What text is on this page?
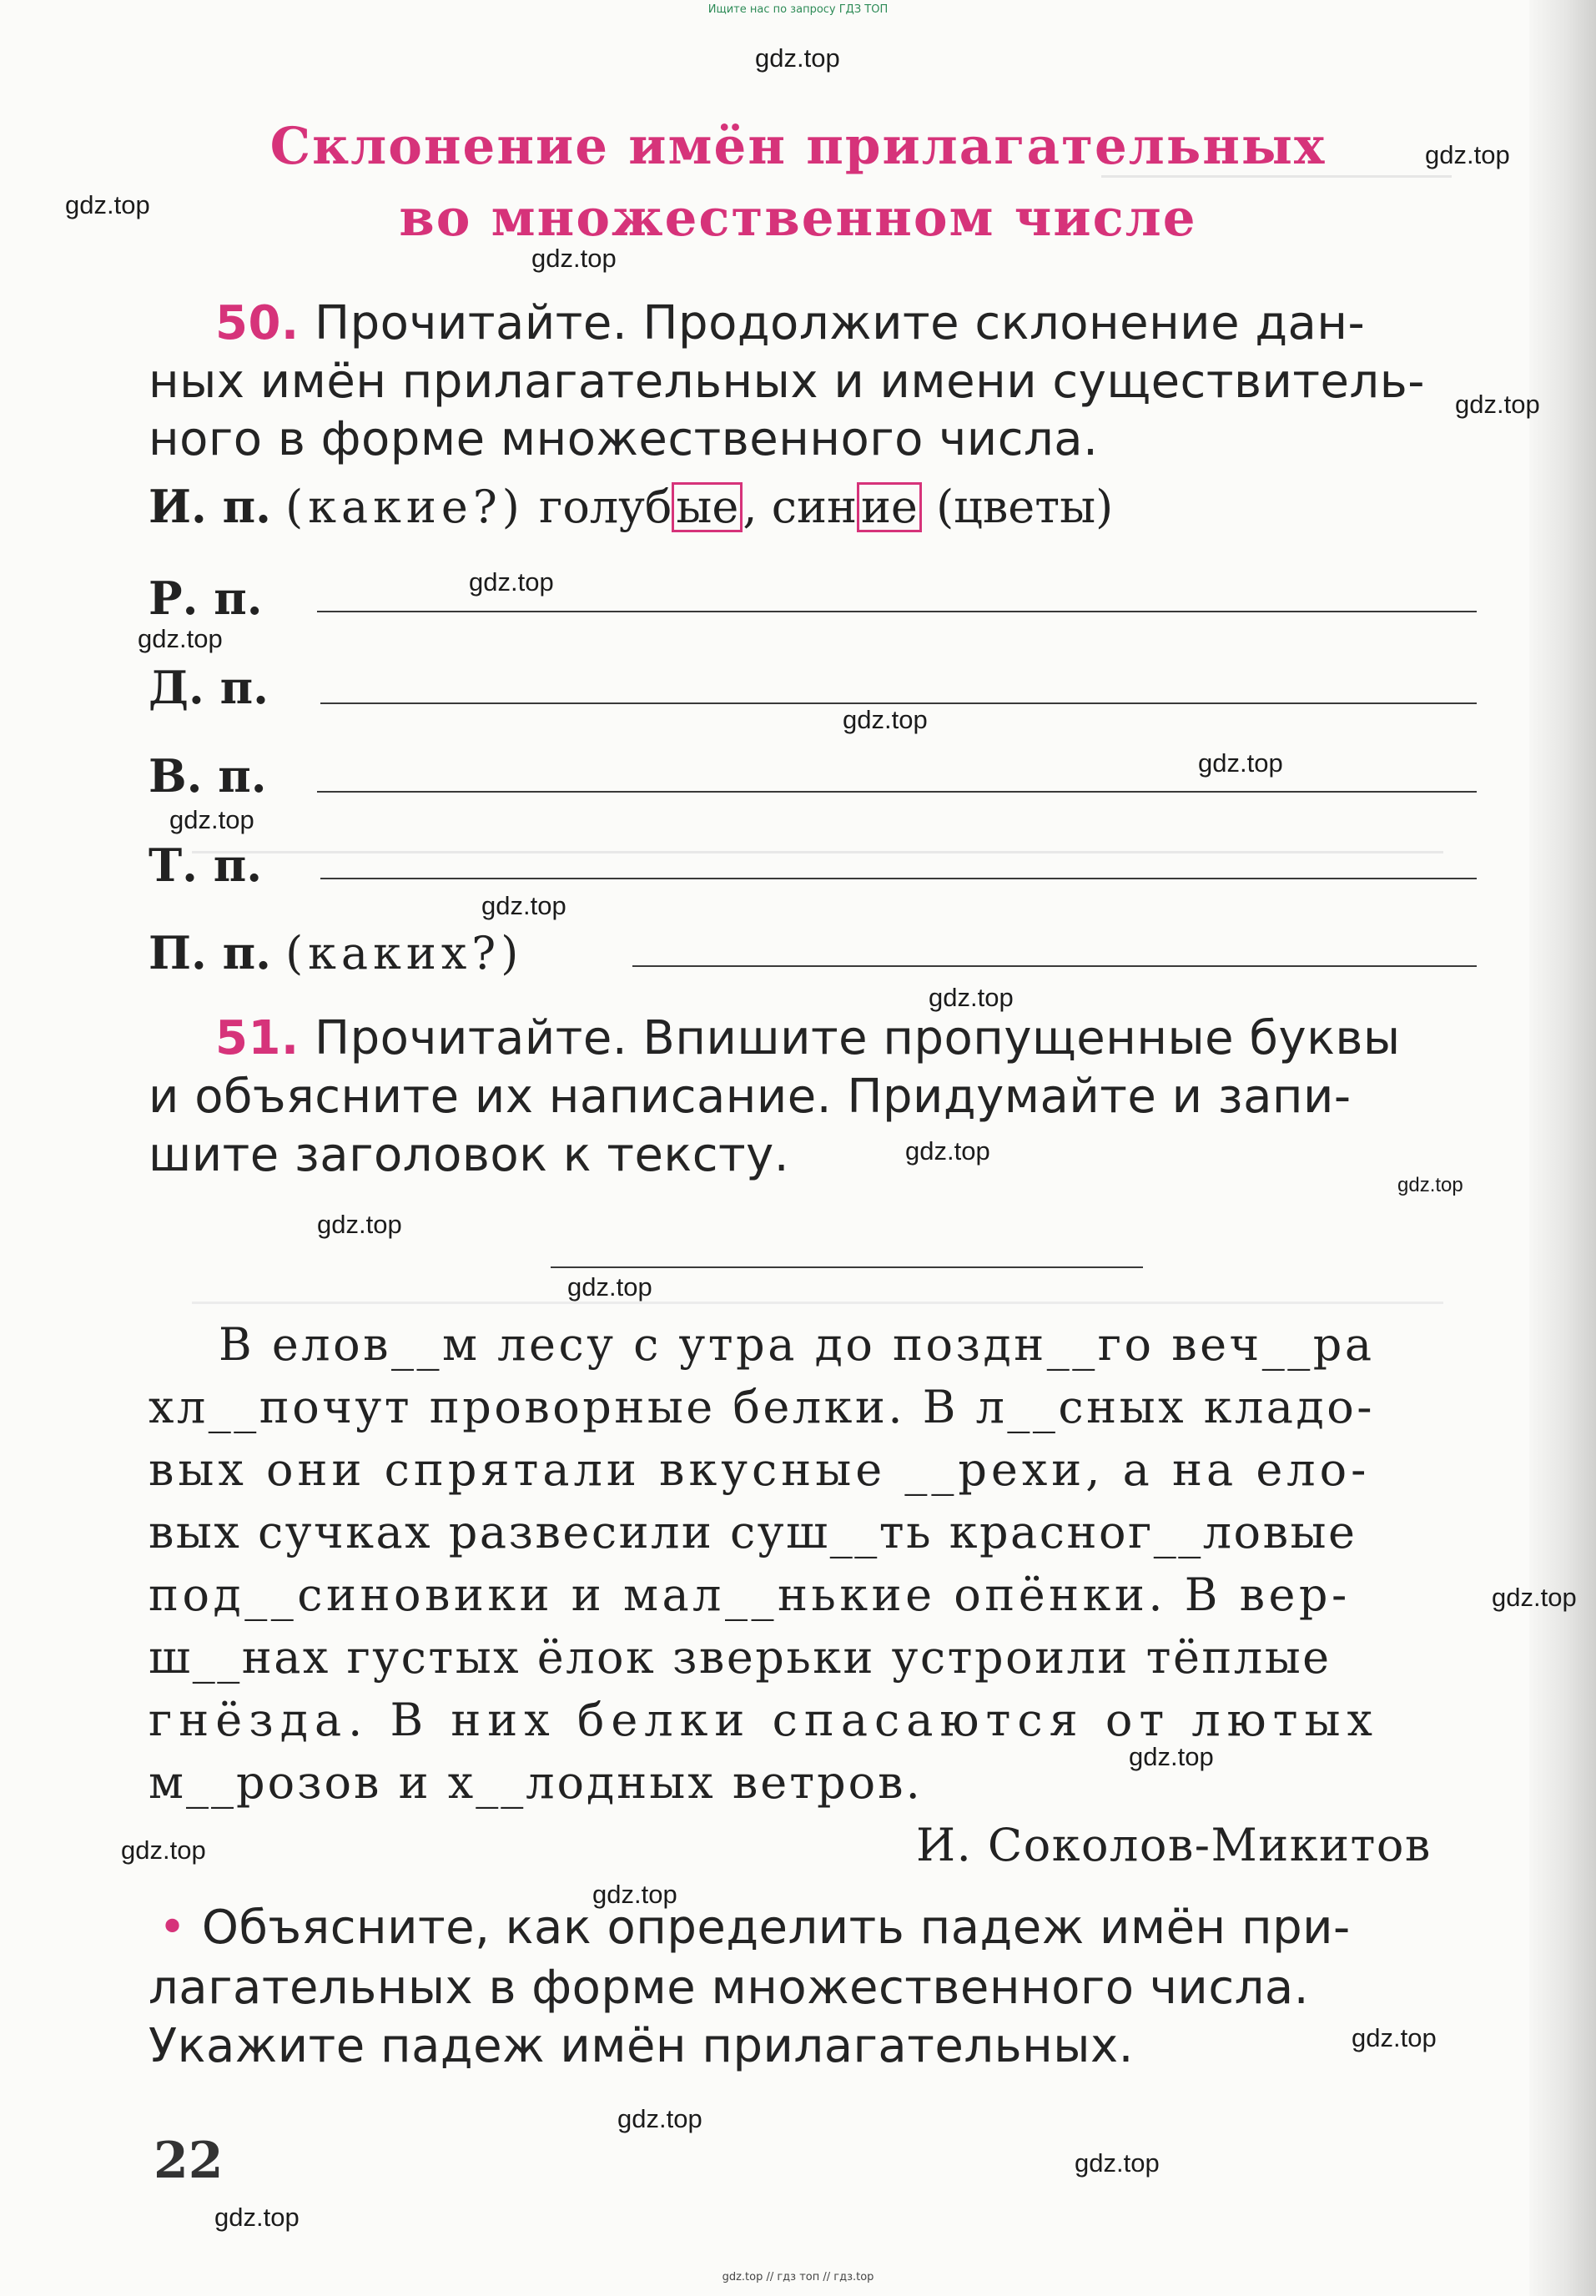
Ищите нас по запросу ГДЗ ТОП
Склонение имён прилагательных
во множественном числе
50. Прочитайте. Продолжите склонение дан-
ных имён прилагательных и имени существитель-
ного в форме множественного числа.
И. п. (какие?) голубые, синие (цветы)
Р. п.
Д. п.
В. п.
Т. п.
П. п. (каких?)
51. Прочитайте. Впишите пропущенные буквы
и объясните их написание. Придумайте и запи-
шите заголовок к тексту.
В елов__м лесу с утра до поздн__го веч__ра
хл__почут проворные белки. В л__сных кладо-
вых они спрятали вкусные __рехи, а на ело-
вых сучках развесили суш__ть красног__ловые
под__синовики и мал__нькие опёнки. В вер-
ш__нах густых ёлок зверьки устроили тёплые
гнёзда. В них белки спасаются от лютых
м__розов и х__лодных ветров.
И. Соколов-Микитов
• Объясните, как определить падеж имён при-
лагательных в форме множественного числа.
Укажите падеж имён прилагательных.
22
gdz.top
gdz.top
gdz.top
gdz.top
gdz.top
gdz.top
gdz.top
gdz.top
gdz.top
gdz.top
gdz.top
gdz.top
gdz.top
gdz.top
gdz.top
gdz.top
gdz.top
gdz.top
gdz.top
gdz.top
gdz.top
gdz.top
gdz.top
gdz.top
gdz.top // гдз топ // гдз.top
